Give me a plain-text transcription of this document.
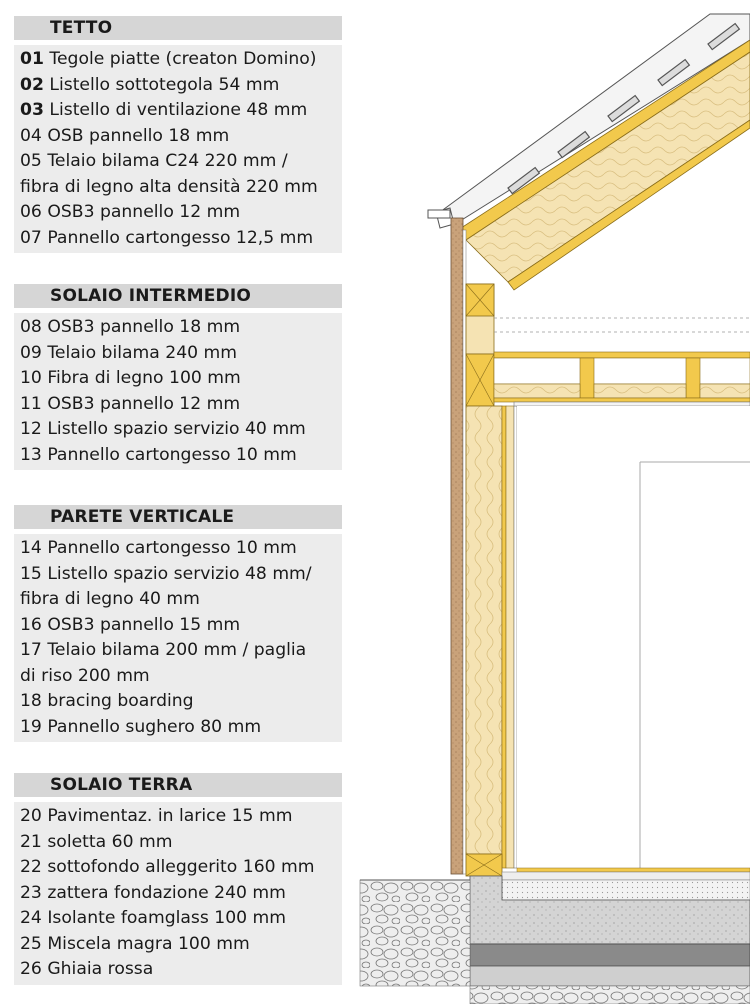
TETTO
01 Tegole piatte (creaton Domino)
02 Listello sottotegola 54 mm
03 Listello di ventilazione 48 mm
04 OSB pannello 18 mm
05 Telaio bilama C24 220 mm /
fibra di legno alta densità 220 mm
06 OSB3 pannello 12 mm
07 Pannello cartongesso 12,5 mm
SOLAIO INTERMEDIO
08 OSB3 pannello 18 mm
09 Telaio bilama 240 mm
10 Fibra di legno 100 mm
11 OSB3 pannello 12 mm
12 Listello spazio servizio 40 mm
13 Pannello cartongesso 10 mm
PARETE VERTICALE
14 Pannello cartongesso 10 mm
15 Listello spazio servizio 48 mm/
fibra di legno 40 mm
16 OSB3 pannello 15 mm
17 Telaio bilama 200 mm / paglia
di riso 200 mm
18 bracing boarding
19 Pannello sughero 80 mm
SOLAIO TERRA
20 Pavimentaz. in larice 15 mm
21 soletta 60 mm
22 sottofondo alleggerito 160 mm
23 zattera fondazione 240 mm
24 Isolante foamglass 100 mm
25 Miscela magra 100 mm
26 Ghiaia rossa
